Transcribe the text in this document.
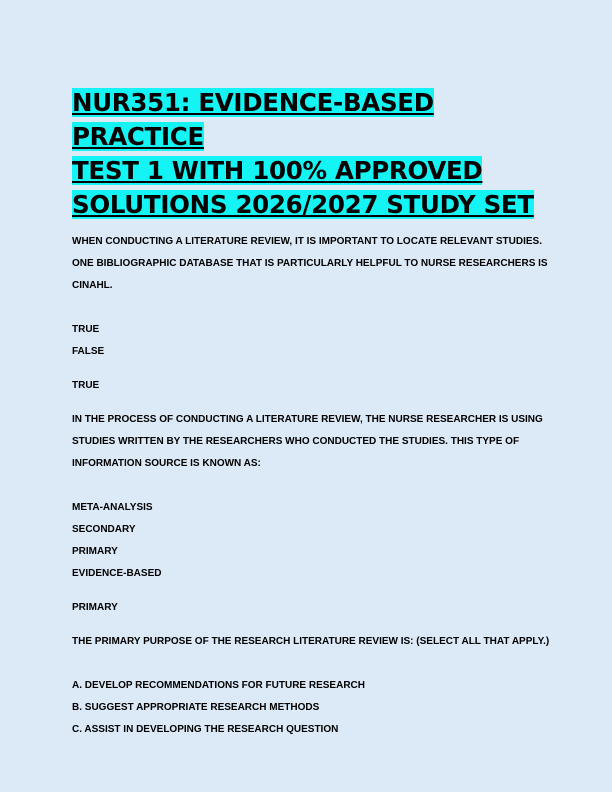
NUR351: EVIDENCE-BASED PRACTICE
TEST 1 WITH 100% APPROVED
SOLUTIONS 2026/2027 STUDY SET

WHEN CONDUCTING A LITERATURE REVIEW, IT IS IMPORTANT TO LOCATE RELEVANT STUDIES.

ONE BIBLIOGRAPHIC DATABASE THAT IS PARTICULARLY HELPFUL TO NURSE RESEARCHERS IS

CINAHL.

TRUE

FALSE

TRUE

IN THE PROCESS OF CONDUCTING A LITERATURE REVIEW, THE NURSE RESEARCHER IS USING

STUDIES WRITTEN BY THE RESEARCHERS WHO CONDUCTED THE STUDIES. THIS TYPE OF

INFORMATION SOURCE IS KNOWN AS:

META-ANALYSIS

SECONDARY

PRIMARY

EVIDENCE-BASED

PRIMARY

THE PRIMARY PURPOSE OF THE RESEARCH LITERATURE REVIEW IS: (SELECT ALL THAT APPLY.)

A. DEVELOP RECOMMENDATIONS FOR FUTURE RESEARCH

B. SUGGEST APPROPRIATE RESEARCH METHODS

C. ASSIST IN DEVELOPING THE RESEARCH QUESTION
